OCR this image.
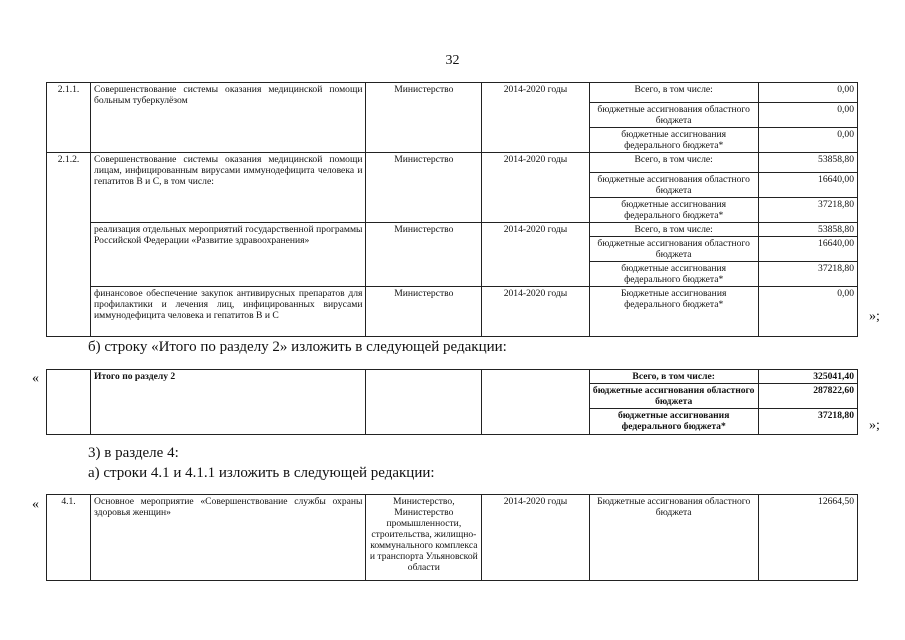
32
2.1.1.	Совершенствование системы оказания медицинской помощи больным туберкулёзом	Министерство	2014-2020 годы	Всего, в том числе:	0,00
				бюджетные ассигнования областного бюджета	0,00
				бюджетные ассигнования федерального бюджета*	0,00
2.1.2.	Совершенствование системы оказания медицинской помощи лицам, инфицированным вирусами иммунодефицита человека и гепатитов В и С, в том числе:	Министерство	2014-2020 годы	Всего, в том числе:	53858,80
				бюджетные ассигнования областного бюджета	16640,00
				бюджетные ассигнования федерального бюджета*	37218,80
	реализация отдельных мероприятий государственной программы Российской Федерации «Развитие здравоохранения»	Министерство	2014-2020 годы	Всего, в том числе:	53858,80
				бюджетные ассигнования областного бюджета	16640,00
				бюджетные ассигнования федерального бюджета*	37218,80
	финансовое обеспечение закупок антивирусных препаратов для профилактики и лечения лиц, инфицированных вирусами иммунодефицита человека и гепатитов В и С	Министерство	2014-2020 годы	Бюджетные ассигнования федерального бюджета*	0,00
»;
б) строку «Итого по разделу 2» изложить в следующей редакции:
«
		Итого по разделу 2			Всего, в том числе:	325041,40
				бюджетные ассигнования областного бюджета	287822,60
				бюджетные ассигнования федерального бюджета*	37218,80
»;
3) в разделе 4:
а) строки 4.1 и 4.1.1 изложить в следующей редакции:
« 4.1.	Основное мероприятие «Совершенствование службы охраны здоровья женщин»	Министерство, Министерство промышленности, строительства, жилищно-коммунального комплекса и транспорта Ульяновской области	2014-2020 годы	Бюджетные ассигнования областного бюджета	12664,50
